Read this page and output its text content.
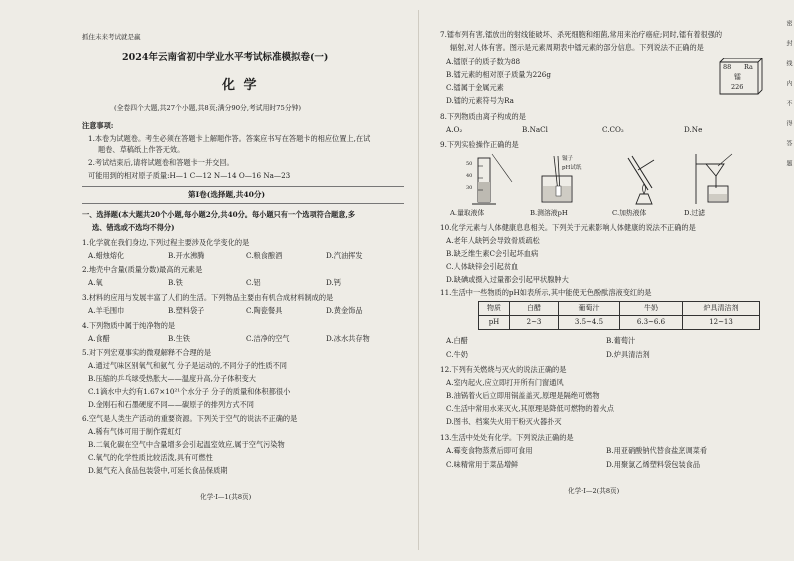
抓住未来考试就是赢
2024年云南省初中学业水平考试标准模拟卷(一)
化 学
(全卷四个大题,共27个小题,共8页;满分90分,考试用时75分钟)
注意事项:
1.本卷为试题卷。考生必须在答题卡上解题作答。答案应书写在答题卡的相应位置上,在试
题卷、草稿纸上作答无效。
2.考试结束后,请将试题卷和答题卡一并交回。
可能用到的相对原子质量:H—1 C—12 N—14 O—16 Na—23
第Ⅰ卷(选择题,共40分)
一、选择题(本大题共20个小题,每小题2分,共40分。每小题只有一个选项符合题意,多
选、错选或不选均不得分)
1.化学就在我们身边,下列过程主要涉及化学变化的是
A.蜡烛熔化	B.开水沸腾	C.粮食酿酒	D.汽油挥发
2.地壳中含量(质量分数)最高的元素是
A.氧	B.铁	C.铝	D.钙
3.材料的应用与发展丰富了人们的生活。下列物品主要由有机合成材料制成的是
A.羊毛围巾	B.塑料袋子	C.陶瓷餐具	D.黄金饰品
4.下列物质中属于纯净物的是
A.食醋	B.生铁	C.洁净的空气	D.冰水共存物
5.对下列宏观事实的微观解释不合理的是
A.通过气味区别氧气和氨气 分子是运动的,不同分子的性质不同
B.压缩的乒乓球受热胀大——温度升高,分子体积变大
C.1滴水中大约有1.67×10²¹个水分子 分子的质量和体积都很小
D.金刚石和石墨硬度不同——碳原子的排列方式不同
6.空气是人类生产活动的重要资源。下列关于空气的说法不正确的是
A.稀有气体可用于制作霓虹灯
B.二氧化碳在空气中含量增多会引起温室效应,属于空气污染物
C.氧气的化学性质比较活泼,具有可燃性
D.氮气充入食品包装袋中,可延长食品保质期
化学·Ⅰ—1(共8页)
7.镭布列有害,镭放出的射线能破坏、杀死细胞和细菌,常用来治疗癌症;同时,镭有着很强的
辐射,对人体有害。图示是元素周期表中镭元素的部分信息。下列说法不正确的是
A.镭原子的质子数为88
B.镭元素的相对原子质量为226g
C.镭属于金属元素
D.镭的元素符号为Ra
88 Ra
镭
226
8.下列物质由离子构成的是
A.O₂	B.NaCl	C.CO₂	D.Ne
9.下列实验操作正确的是
50
40
30
镊子
pH试纸
A.量取液体	B.测溶液pH	C.加热液体	D.过滤
10.化学元素与人体健康息息相关。下列关于元素影响人体健康的说法不正确的是
A.老年人缺钙会导致骨质疏松
B.缺乏维生素C会引起坏血病
C.人体缺锌会引起贫血
D.缺碘或摄入过量都会引起甲状腺肿大
11.生活中一些物质的pH如表所示,其中能使无色酚酞溶液变红的是
物质	白醋	葡萄汁	牛奶	炉具清洁剂
pH	2~3	3.5~4.5	6.3~6.6	12~13
A.白醋	B.葡萄汁
C.牛奶	D.炉具清洁剂
12.下列有关燃烧与灭火的说法正确的是
A.室内起火,应立即打开所有门窗通风
B.油锅着火后立即用锅盖盖灭,原理是隔绝可燃物
C.生活中常用水来灭火,其原理是降低可燃物的着火点
D.图书、档案失火用干粉灭火器扑灭
13.生活中处处有化学。下列说法正确的是
A.霉变食物蒸煮后即可食用	B.用亚硝酸钠代替食盐烹调菜肴
C.味精常用于菜品增鲜	D.用聚氯乙烯塑料袋包装食品
化学·Ⅰ—2(共8页)
密封线内不得答题
